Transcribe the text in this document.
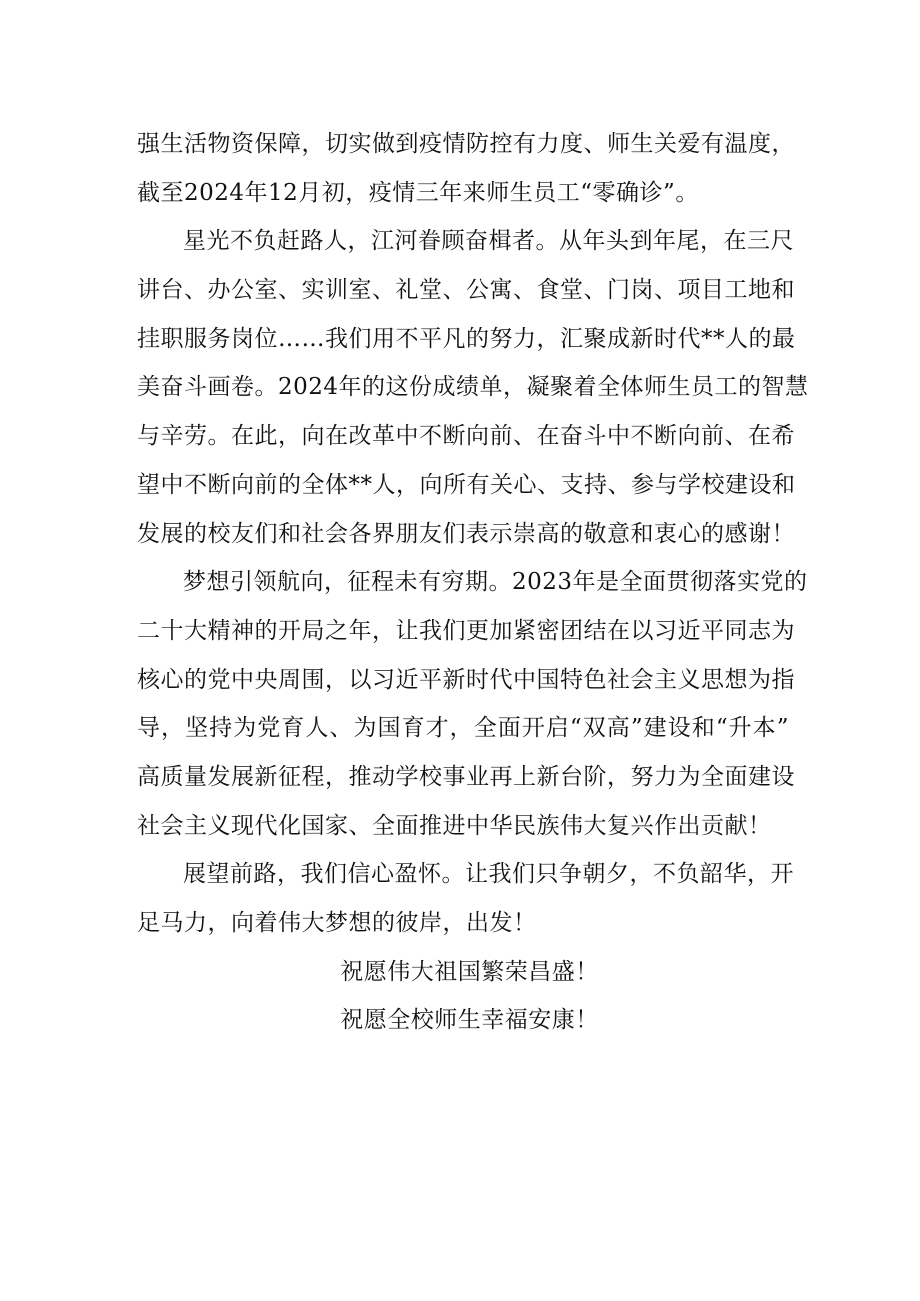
强生活物资保障，切实做到疫情防控有力度、师生关爱有温度，
截至2024年12月初，疫情三年来师生员工“零确诊”。
星光不负赶路人，江河眷顾奋楫者。从年头到年尾，在三尺
讲台、办公室、实训室、礼堂、公寓、食堂、门岗、项目工地和
挂职服务岗位……我们用不平凡的努力，汇聚成新时代**人的最
美奋斗画卷。2024年的这份成绩单，凝聚着全体师生员工的智慧
与辛劳。在此，向在改革中不断向前、在奋斗中不断向前、在希
望中不断向前的全体**人，向所有关心、支持、参与学校建设和
发展的校友们和社会各界朋友们表示崇高的敬意和衷心的感谢！
梦想引领航向，征程未有穷期。2023年是全面贯彻落实党的
二十大精神的开局之年，让我们更加紧密团结在以习近平同志为
核心的党中央周围，以习近平新时代中国特色社会主义思想为指
导，坚持为党育人、为国育才，全面开启“双高”建设和“升本”
高质量发展新征程，推动学校事业再上新台阶，努力为全面建设
社会主义现代化国家、全面推进中华民族伟大复兴作出贡献！
展望前路，我们信心盈怀。让我们只争朝夕，不负韶华，开
足马力，向着伟大梦想的彼岸，出发！
祝愿伟大祖国繁荣昌盛！
祝愿全校师生幸福安康！
